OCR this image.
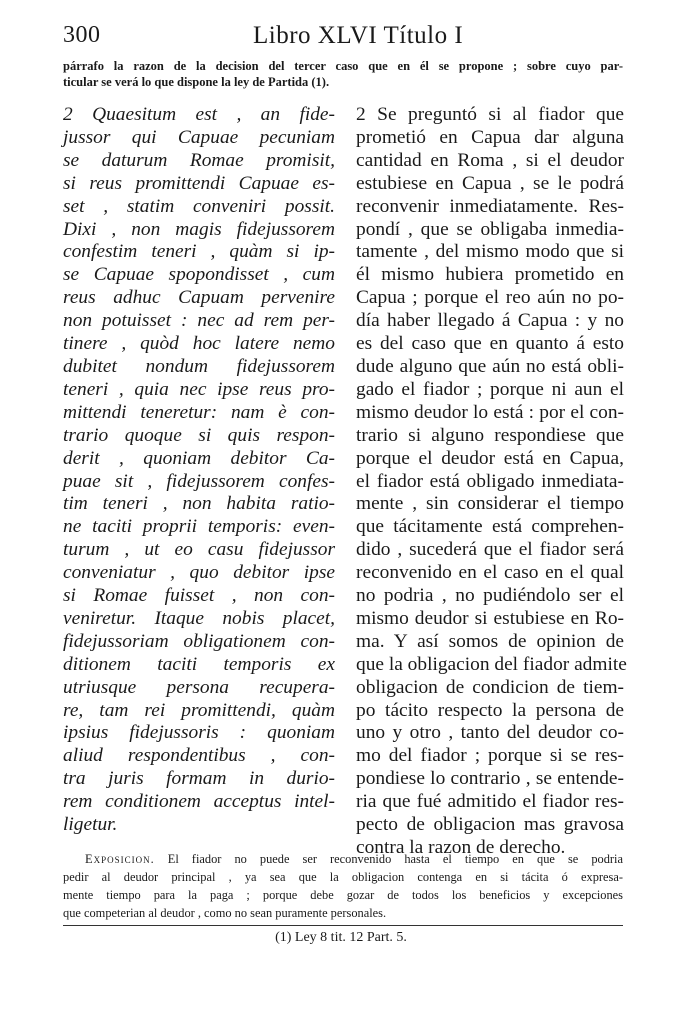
300	Libro XLVI Título I
párrafo la razon de la decision del tercer caso que en él se propone ; sobre cuyo par-
ticular se verá lo que dispone la ley de Partida (1).
2 Quaesitum est , an fide-
jussor qui Capuae pecuniam
se daturum Romae promisit,
si reus promittendi Capuae es-
set , statim conveniri possit.
Dixi , non magis fidejussorem
confestim teneri , quàm si ip-
se Capuae spopondisset , cum
reus adhuc Capuam pervenire
non potuisset : nec ad rem per-
tinere , quòd hoc latere nemo
dubitet nondum fidejussorem
teneri , quia nec ipse reus pro-
mittendi teneretur: nam è con-
trario quoque si quis respon-
derit , quoniam debitor Ca-
puae sit , fidejussorem confes-
tim teneri , non habita ratio-
ne taciti proprii temporis: even-
turum , ut eo casu fidejussor
conveniatur , quo debitor ipse
si Romae fuisset , non con-
veniretur. Itaque nobis placet,
fidejussoriam obligationem con-
ditionem taciti temporis ex
utriusque persona recupera-
re, tam rei promittendi, quàm
ipsius fidejussoris : quoniam
aliud respondentibus , con-
tra juris formam in durio-
rem conditionem acceptus intel-
ligetur.
2 Se preguntó si al fiador que
prometió en Capua dar alguna
cantidad en Roma , si el deudor
estubiese en Capua , se le podrá
reconvenir inmediatamente. Res-
pondí , que se obligaba inmedia-
tamente , del mismo modo que si
él mismo hubiera prometido en
Capua ; porque el reo aún no po-
día haber llegado á Capua : y no
es del caso que en quanto á esto
dude alguno que aún no está obli-
gado el fiador ; porque ni aun el
mismo deudor lo está : por el con-
trario si alguno respondiese que
porque el deudor está en Capua,
el fiador está obligado inmediata-
mente , sin considerar el tiempo
que tácitamente está comprehen-
dido , sucederá que el fiador será
reconvenido en el caso en el qual
no podria , no pudiéndolo ser el
mismo deudor si estubiese en Ro-
ma. Y así somos de opinion de
que la obligacion del fiador admite
obligacion de condicion de tiem-
po tácito respecto la persona de
uno y otro , tanto del deudor co-
mo del fiador ; porque si se res-
pondiese lo contrario , se entende-
ria que fué admitido el fiador res-
pecto de obligacion mas gravosa
contra la razon de derecho.
Exposicion. El fiador no puede ser reconvenido hasta el tiempo en que se podria
pedir al deudor principal , ya sea que la obligacion contenga en si tácita ó expresa-
mente tiempo para la paga ; porque debe gozar de todos los beneficios y excepciones
que competerian al deudor , como no sean puramente personales.
(1) Ley 8 tit. 12 Part. 5.
